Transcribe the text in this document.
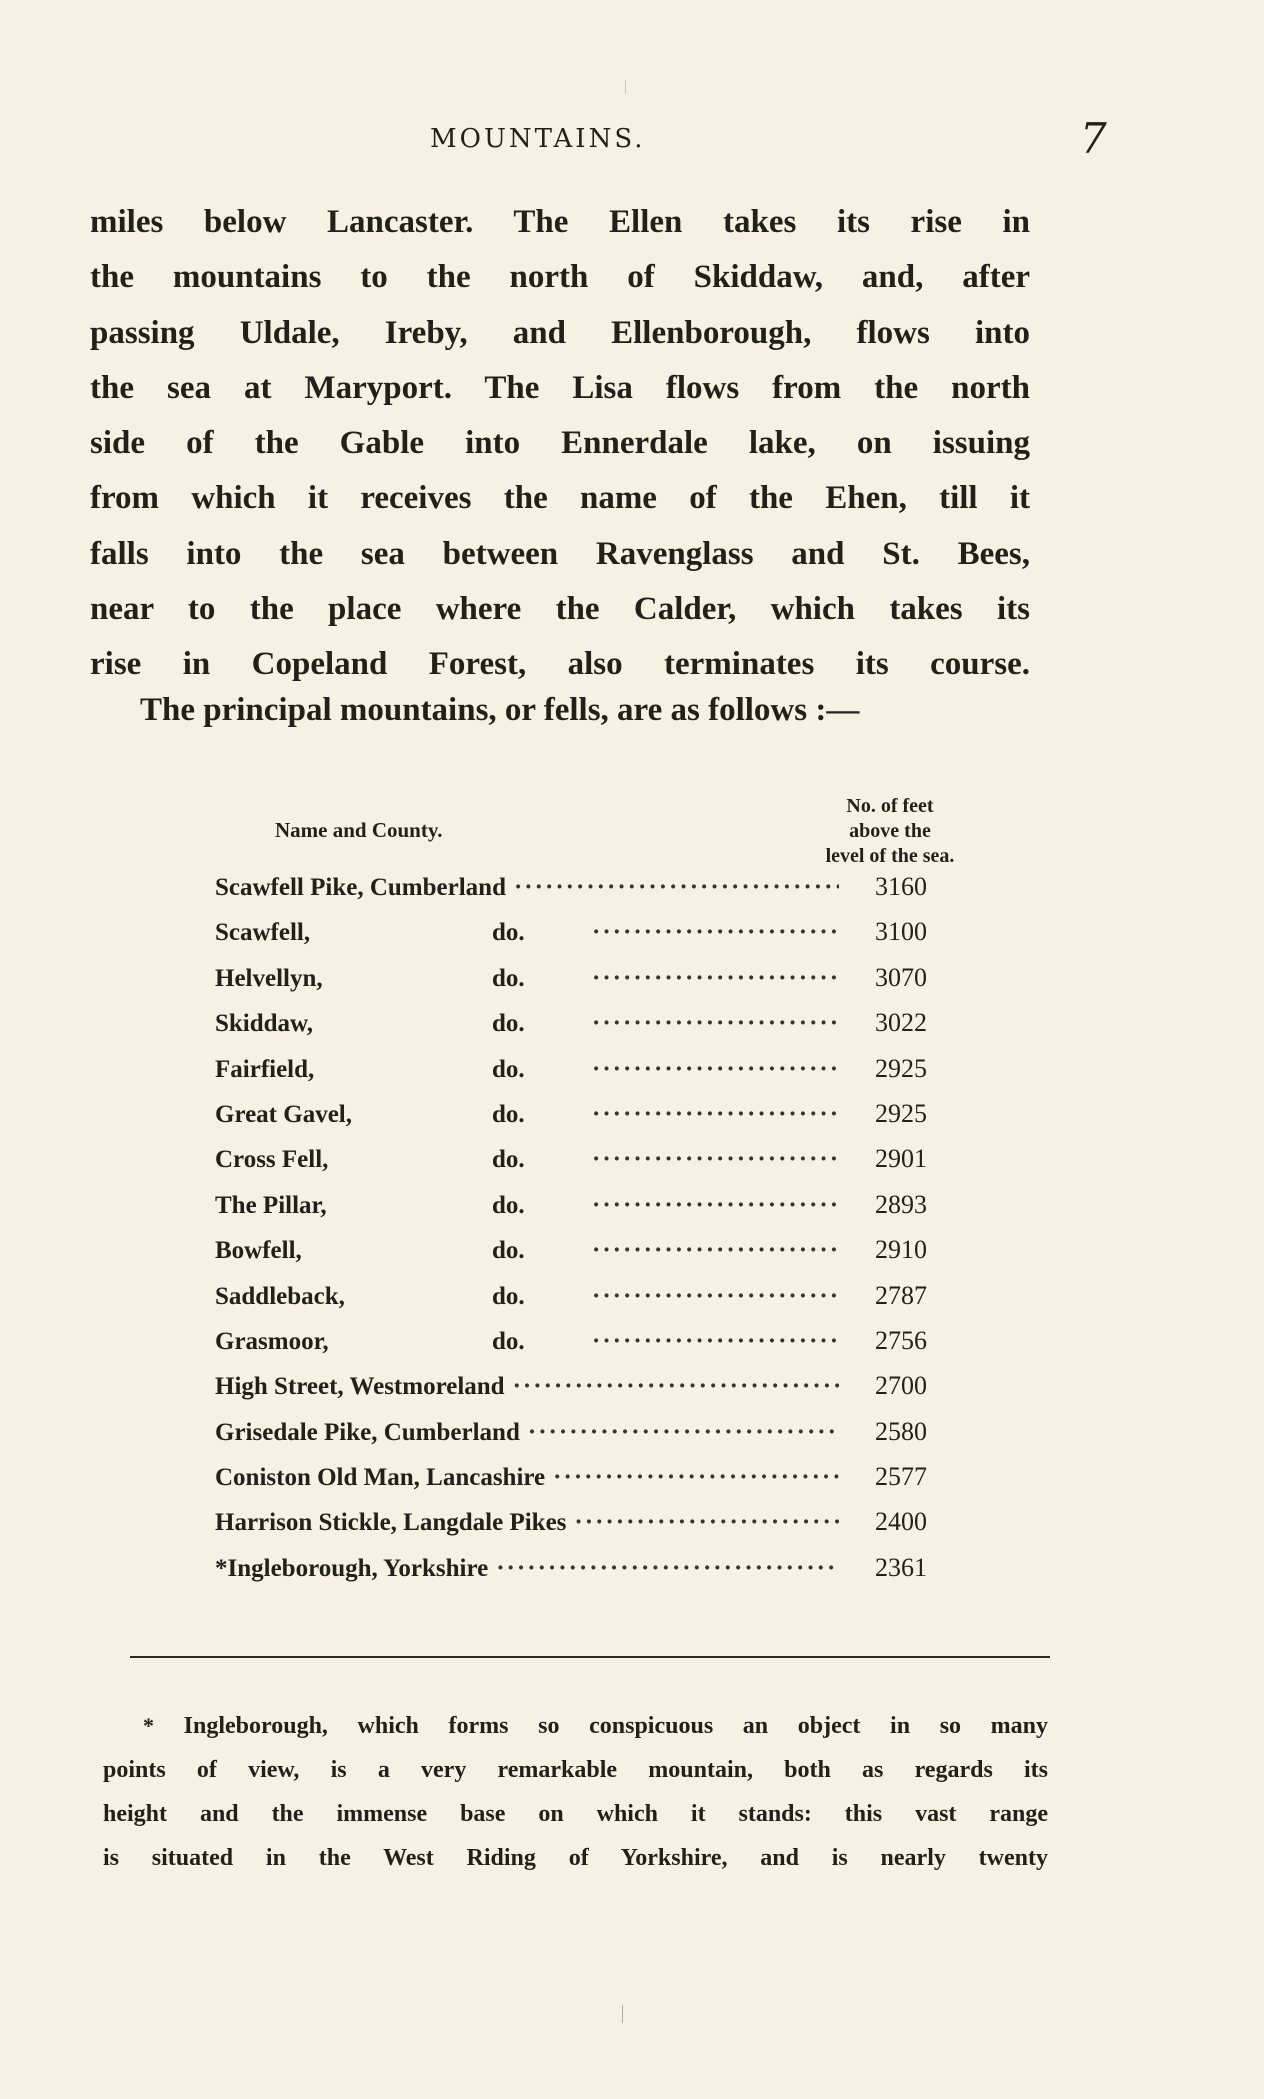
MOUNTAINS.	7
miles below Lancaster. The Ellen takes its rise in
the mountains to the north of Skiddaw, and, after
passing Uldale, Ireby, and Ellenborough, flows into
the sea at Maryport. The Lisa flows from the north
side of the Gable into Ennerdale lake, on issuing
from which it receives the name of the Ehen, till it
falls into the sea between Ravenglass and St. Bees,
near to the place where the Calder, which takes its
rise in Copeland Forest, also terminates its course.
The principal mountains, or fells, are as follows :—
Name and County.
No. of feet
above the
level of the sea.
Scawfell Pike, Cumberland ·····	3160
Scawfell,	do. ·····	3100
Helvellyn,	do. ·····	3070
Skiddaw,	do. ·····	3022
Fairfield,	do. ·····	2925
Great Gavel,	do. ·····	2925
Cross Fell,	do. ·····	2901
The Pillar,	do. ·····	2893
Bowfell,	do. ·····	2910
Saddleback,	do. ·····	2787
Grasmoor,	do. ·····	2756
High Street, Westmoreland ·····	2700
Grisedale Pike, Cumberland ·····	2580
Coniston Old Man, Lancashire ·····	2577
Harrison Stickle, Langdale Pikes ·····	2400
*Ingleborough, Yorkshire ·····	2361
* Ingleborough, which forms so conspicuous an object in so many
points of view, is a very remarkable mountain, both as regards its
height and the immense base on which it stands: this vast range
is situated in the West Riding of Yorkshire, and is nearly twenty
